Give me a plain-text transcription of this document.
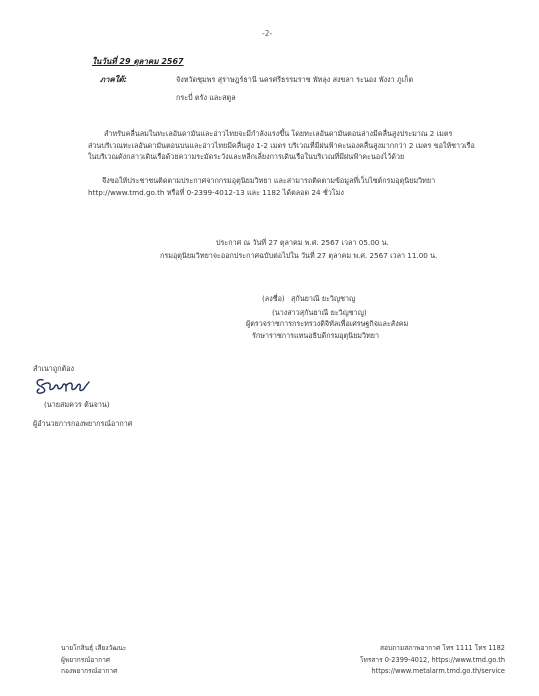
-2-
ในวันที่ 29 ตุลาคม 2567
ภาคใต้:	จังหวัดชุมพร สุราษฎร์ธานี นครศรีธรรมราช พัทลุง สงขลา ระนอง พังงา ภูเก็ต
กระบี่ ตรัง และสตูล
สำหรับคลื่นลมในทะเลอันดามันและอ่าวไทยจะมีกำลังแรงขึ้น โดยทะเลอันดามันตอนล่างมีคลื่นสูงประมาณ 2 เมตร
ส่วนบริเวณทะเลอันดามันตอนบนและอ่าวไทยมีคลื่นสูง 1-2 เมตร บริเวณที่มีฝนฟ้าคะนองคลื่นสูงมากกว่า 2 เมตร ขอให้ชาวเรือ
ในบริเวณดังกล่าวเดินเรือด้วยความระมัดระวังและหลีกเลี่ยงการเดินเรือในบริเวณที่มีฝนฟ้าคะนองไว้ด้วย
จึงขอให้ประชาชนติดตามประกาศจากกรมอุตุนิยมวิทยา และสามารถติดตามข้อมูลที่เว็บไซต์กรมอุตุนิยมวิทยา
http://www.tmd.go.th หรือที่ 0-2399-4012-13 และ 1182 ได้ตลอด 24 ชั่วโมง
ประกาศ ณ วันที่ 27 ตุลาคม พ.ศ. 2567 เวลา 05.00 น.
กรมอุตุนิยมวิทยาจะออกประกาศฉบับต่อไปใน วันที่ 27 ตุลาคม พ.ศ. 2567 เวลา 11.00 น.
(ลงชื่อ) สุกันยาณี ยะวิญชาญู
(นางสาวสุกันยาณี ยะวิญชาญู)
ผู้ตรวจราชการกระทรวงดิจิทัลเพื่อเศรษฐกิจและสังคม
รักษาราชการแทนอธิบดีกรมอุตุนิยมวิทยา
สำเนาถูกต้อง
(นายสมควร ต้นจาน)
ผู้อำนวยการกองพยากรณ์อากาศ
นายโกสินธุ์ เสียงวัฒนะ
ผู้พยากรณ์อากาศ
กองพยากรณ์อากาศ
สอบถามสภาพอากาศ โทร 1111 โทร 1182
โทรสาร 0-2399-4012, https://www.tmd.go.th
https://www.metalarm.tmd.go.th/service
